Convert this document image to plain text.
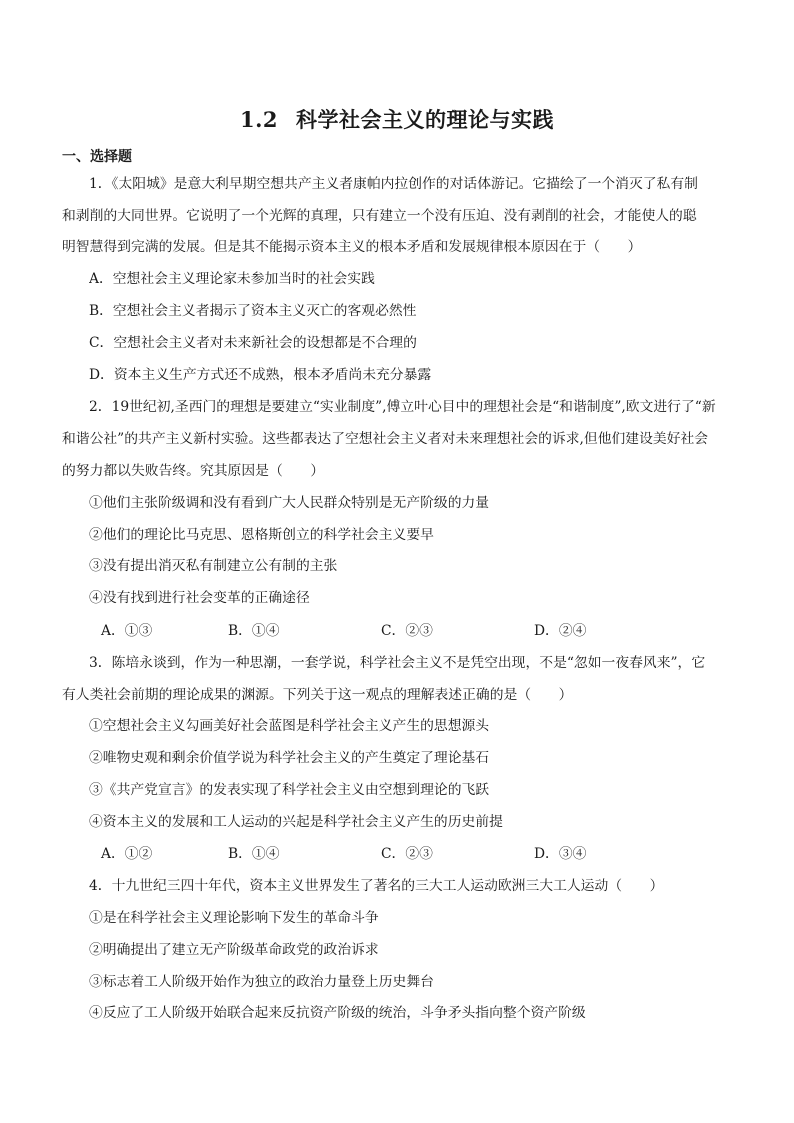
1.2 科学社会主义的理论与实践
一、选择题
1．《太阳城》是意大利早期空想共产主义者康帕内拉创作的对话体游记。它描绘了一个消灭了私有制
和剥削的大同世界。它说明了一个光辉的真理，只有建立一个没有压迫、没有剥削的社会，才能使人的聪
明智慧得到完满的发展。但是其不能揭示资本主义的根本矛盾和发展规律根本原因在于（　　）
A．空想社会主义理论家未参加当时的社会实践
B．空想社会主义者揭示了资本主义灭亡的客观必然性
C．空想社会主义者对未来新社会的设想都是不合理的
D．资本主义生产方式还不成熟，根本矛盾尚未充分暴露
2．19世纪初,圣西门的理想是要建立“实业制度”,傅立叶心目中的理想社会是“和谐制度”,欧文进行了“新
和谐公社”的共产主义新村实验。这些都表达了空想社会主义者对未来理想社会的诉求,但他们建设美好社会
的努力都以失败告终。究其原因是（　　）
①他们主张阶级调和没有看到广大人民群众特别是无产阶级的力量
②他们的理论比马克思、恩格斯创立的科学社会主义要早
③没有提出消灭私有制建立公有制的主张
④没有找到进行社会变革的正确途径
A．①③	B．①④	C．②③	D．②④
3．陈培永谈到，作为一种思潮，一套学说，科学社会主义不是凭空出现，不是“忽如一夜春风来”，它
有人类社会前期的理论成果的渊源。下列关于这一观点的理解表述正确的是（　　）
①空想社会主义勾画美好社会蓝图是科学社会主义产生的思想源头
②唯物史观和剩余价值学说为科学社会主义的产生奠定了理论基石
③《共产党宣言》的发表实现了科学社会主义由空想到理论的飞跃
④资本主义的发展和工人运动的兴起是科学社会主义产生的历史前提
A．①②	B．①④	C．②③	D．③④
4．十九世纪三四十年代，资本主义世界发生了著名的三大工人运动欧洲三大工人运动（　　）
①是在科学社会主义理论影响下发生的革命斗争
②明确提出了建立无产阶级革命政党的政治诉求
③标志着工人阶级开始作为独立的政治力量登上历史舞台
④反应了工人阶级开始联合起来反抗资产阶级的统治，斗争矛头指向整个资产阶级
